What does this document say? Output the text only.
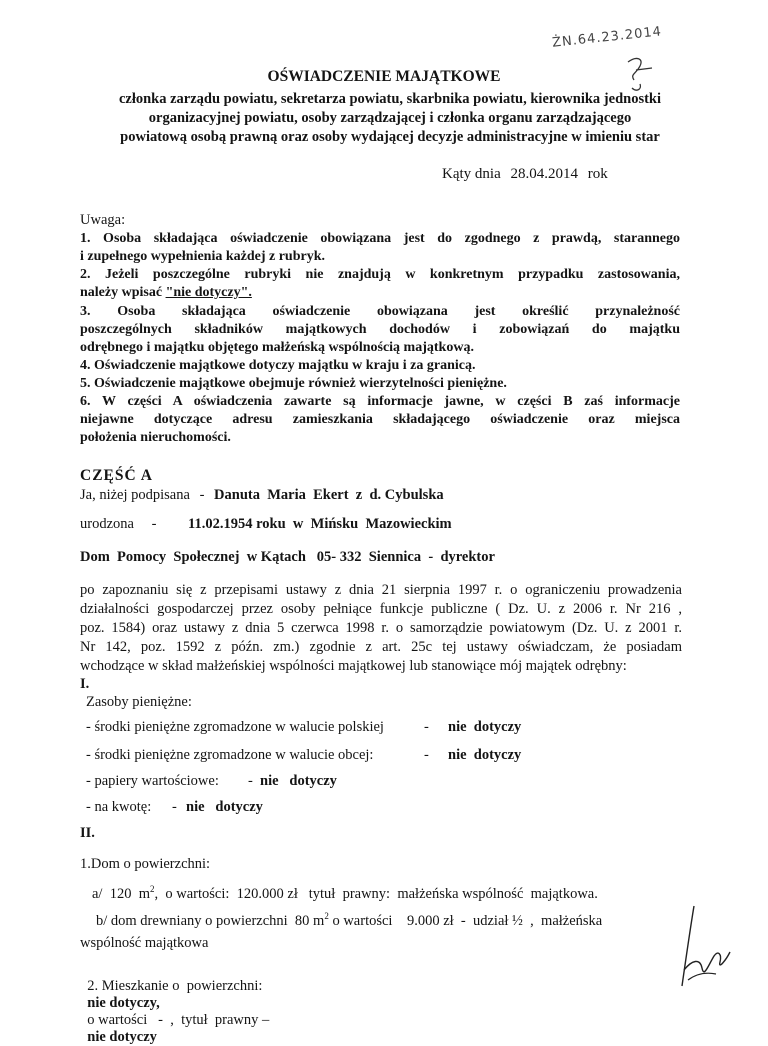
ŻN.64.23.2014
OŚWIADCZENIE MAJĄTKOWE
członka zarządu powiatu, sekretarza powiatu, skarbnika powiatu, kierownika jednostki
organizacyjnej powiatu, osoby zarządzającej i członka organu zarządzającego
powiatową osobą prawną oraz osoby wydającej decyzje administracyjne w imieniu star
Kąty dnia 28.04.2014 rok
Uwaga:
1. Osoba składająca oświadczenie obowiązana jest do zgodnego z prawdą, starannego
i zupełnego wypełnienia każdej z rubryk.
2. Jeżeli poszczególne rubryki nie znajdują w konkretnym przypadku zastosowania,
należy wpisać "nie dotyczy".
3. Osoba składająca oświadczenie obowiązana jest określić przynależność
poszczególnych składników majątkowych dochodów i zobowiązań do majątku
odrębnego i majątku objętego małżeńską wspólnością majątkową.
4. Oświadczenie majątkowe dotyczy majątku w kraju i za granicą.
5. Oświadczenie majątkowe obejmuje również wierzytelności pieniężne.
6. W części A oświadczenia zawarte są informacje jawne, w części B zaś informacje
niejawne dotyczące adresu zamieszkania składającego oświadczenie oraz miejsca
położenia nieruchomości.
CZĘŚĆ A
Ja, niżej podpisana - Danuta  Maria  Ekert  z  d. Cybulska
urodzona - 11.02.1954 roku  w  Mińsku  Mazowieckim
Dom  Pomocy  Społecznej  w Kątach   05- 332  Siennica  -  dyrektor
po zapoznaniu się z przepisami ustawy z dnia 21 sierpnia 1997 r. o ograniczeniu prowadzenia
działalności gospodarczej przez osoby pełniące funkcje publiczne ( Dz. U. z 2006 r. Nr 216 ,
poz. 1584) oraz ustawy z dnia 5 czerwca 1998 r. o samorządzie powiatowym (Dz. U. z 2001 r.
Nr 142, poz. 1592 z późn. zm.) zgodnie z art. 25c tej ustawy oświadczam, że posiadam
wchodzące w skład małżeńskiej wspólności majątkowej lub stanowiące mój majątek odrębny:
I.
Zasoby pieniężne:
- środki pieniężne zgromadzone w walucie polskiej	- nie  dotyczy
- środki pieniężne zgromadzone w walucie obcej:	- nie  dotyczy
- papiery wartościowe: - nie   dotyczy
- na kwotę: - nie   dotyczy
II.
1.Dom o powierzchni:
a/  120  $m^2$,  o wartości:  120.000 zł   tytuł  prawny:  małżeńska wspólność  majątkowa.
b/ dom drewniany o powierzchni  80 $m^2$ o wartości    9.000 zł  -  udział ½  ,  małżeńska
wspólność majątkowa

2. Mieszkanie o  powierzchni:
nie dotyczy,
o wartości   -  ,  tytuł  prawny –
nie dotyczy
